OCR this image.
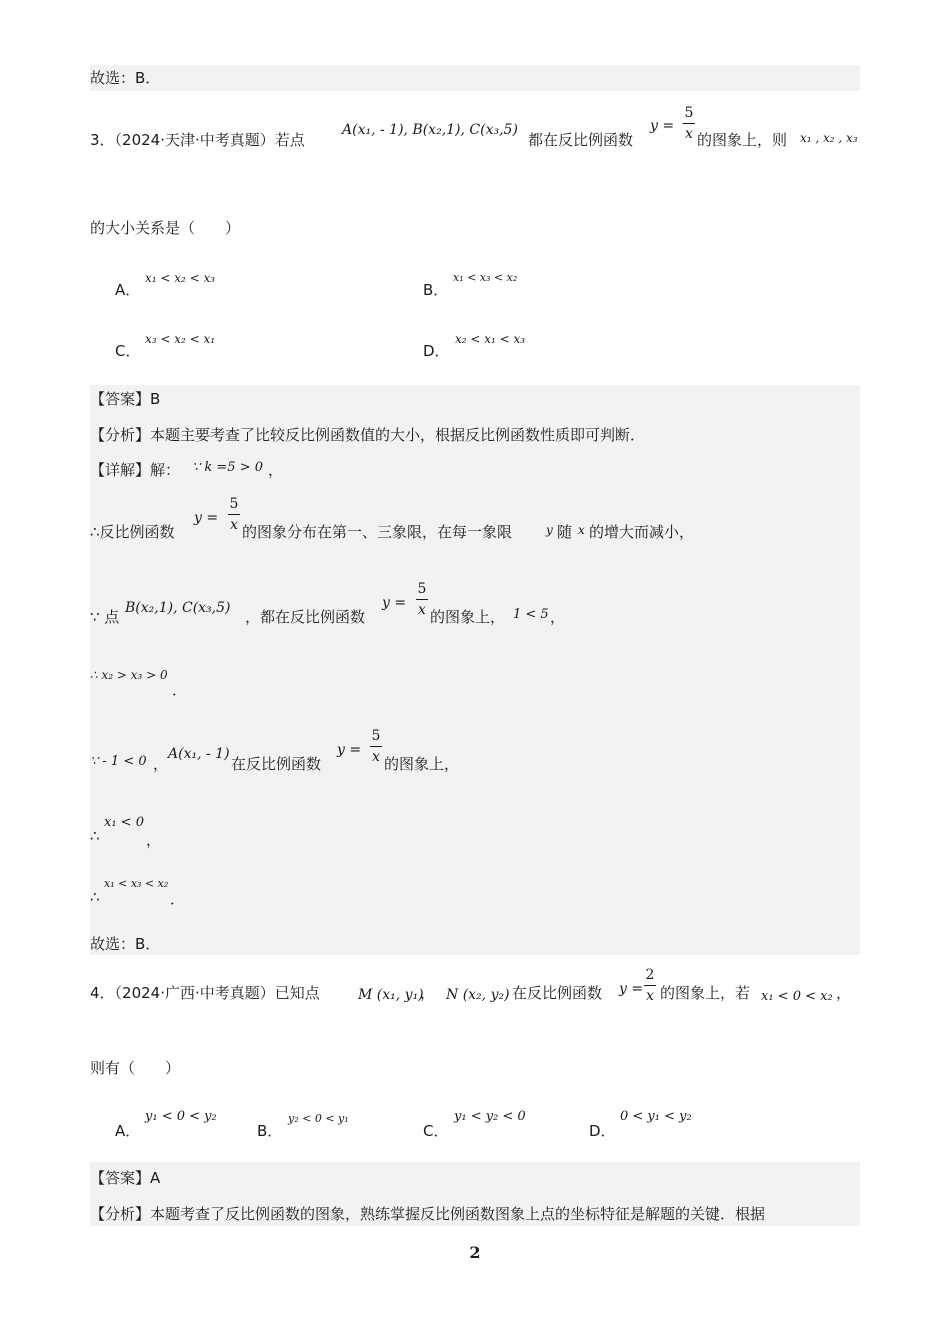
故选：B．
3．（2024·天津·中考真题）若点
A(x₁, - 1), B(x₂,1), C(x₃,5)
都在反比例函数
y =
5
x 的图象上，则 x₁ , x₂ , x₃
的大小关系是（　　）
A．
x₁ < x₂ < x₃
B．
x₁ < x₃ < x₂
C．
x₃ < x₂ < x₁
D．
x₂ < x₁ < x₃
【答案】B
【分析】本题主要考查了比较反比例函数值的大小，根据反比例函数性质即可判断．
【详解】解： ∵ k =5 > 0 ，
∴反比例函数
y =
5
x 的图象分布在第一、三象限，在每一象限	y 随 x 的增大而减小，
∵ 点 B(x₂,1), C(x₃,5) ，都在反比例函数
y =
5
x 的图象上， 1 < 5 ，
∴ x₂ > x₃ > 0
．
∵ - 1 < 0 ，
A(x₁, - 1)
在反比例函数
y =
5
x 的图象上，
∴
x₁ < 0
，
∴
x₁ < x₃ < x₂
．
故选：B．
4．（2024·广西·中考真题）已知点	M (x₁, y₁)
， N (x₂, y₂) 在反比例函数 y =
2
x 的图象上，若 x₁ < 0 < x₂ ，
则有（　　）
A．
y₁ < 0 < y₂
B．
y₂ < 0 < y₁
C．
y₁ < y₂ < 0
D．
0 < y₁ < y₂
【答案】A
【分析】本题考查了反比例函数的图象，熟练掌握反比例函数图象上点的坐标特征是解题的关键．根据
2
